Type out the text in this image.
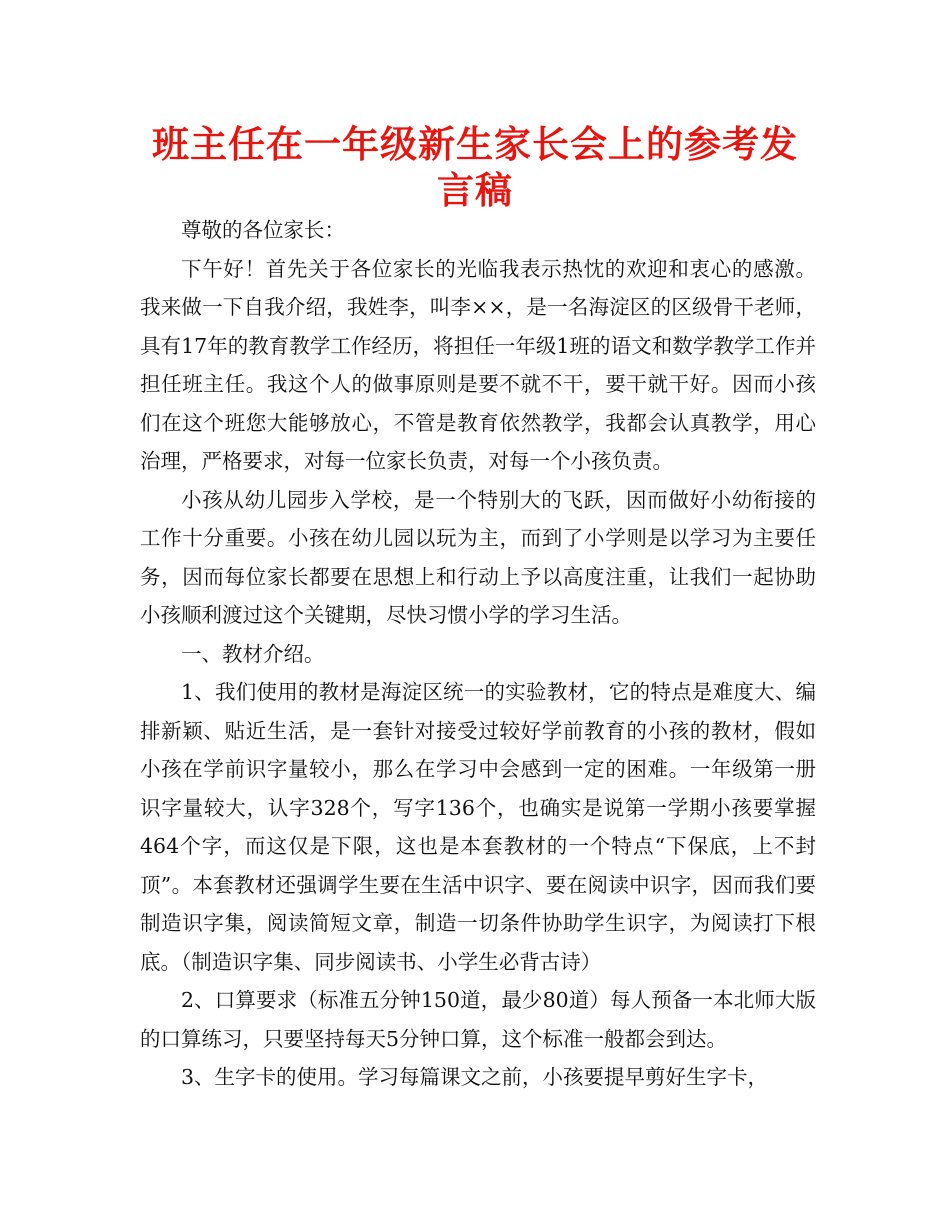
班主任在一年级新生家长会上的参考发言稿

尊敬的各位家长：

下午好！首先关于各位家长的光临我表示热忱的欢迎和衷心的感激。我来做一下自我介绍，我姓李，叫李××，是一名海淀区的区级骨干老师，具有17年的教育教学工作经历，将担任一年级1班的语文和数学教学工作并担任班主任。我这个人的做事原则是要不就不干，要干就干好。因而小孩们在这个班您大能够放心，不管是教育依然教学，我都会认真教学，用心治理，严格要求，对每一位家长负责，对每一个小孩负责。

小孩从幼儿园步入学校，是一个特别大的飞跃，因而做好小幼衔接的工作十分重要。小孩在幼儿园以玩为主，而到了小学则是以学习为主要任务，因而每位家长都要在思想上和行动上予以高度注重，让我们一起协助小孩顺利渡过这个关键期，尽快习惯小学的学习生活。

一、教材介绍。

1、我们使用的教材是海淀区统一的实验教材，它的特点是难度大、编排新颖、贴近生活，是一套针对接受过较好学前教育的小孩的教材，假如小孩在学前识字量较小，那么在学习中会感到一定的困难。一年级第一册识字量较大，认字328个，写字136个，也确实是说第一学期小孩要掌握464个字，而这仅是下限，这也是本套教材的一个特点“下保底，上不封顶”。本套教材还强调学生要在生活中识字、要在阅读中识字，因而我们要制造识字集，阅读简短文章，制造一切条件协助学生识字，为阅读打下根底。（制造识字集、同步阅读书、小学生必背古诗）

2、口算要求（标准五分钟150道，最少80道）每人预备一本北师大版的口算练习，只要坚持每天5分钟口算，这个标准一般都会到达。

3、生字卡的使用。学习每篇课文之前，小孩要提早剪好生字卡，
